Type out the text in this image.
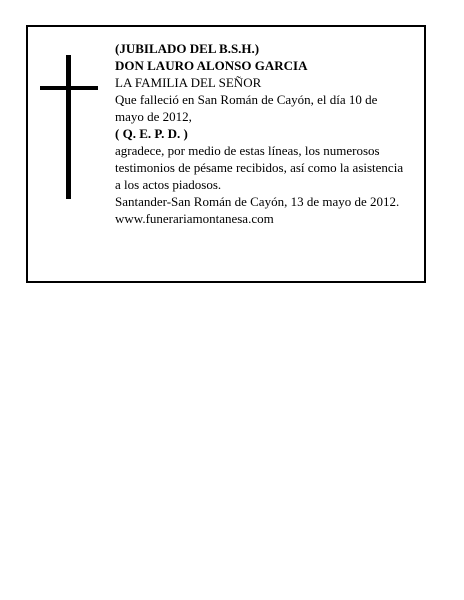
(JUBILADO DEL B.S.H.)
DON LAURO ALONSO GARCIA
LA FAMILIA DEL SEÑOR
Que falleció en San Román de Cayón, el día 10 de
mayo de 2012,
( Q. E. P. D. )
agradece, por medio de estas líneas, los numerosos
testimonios de pésame recibidos, así como la asistencia
a los actos piadosos.
Santander-San Román de Cayón, 13 de mayo de 2012.
www.funerariamontanesa.com
